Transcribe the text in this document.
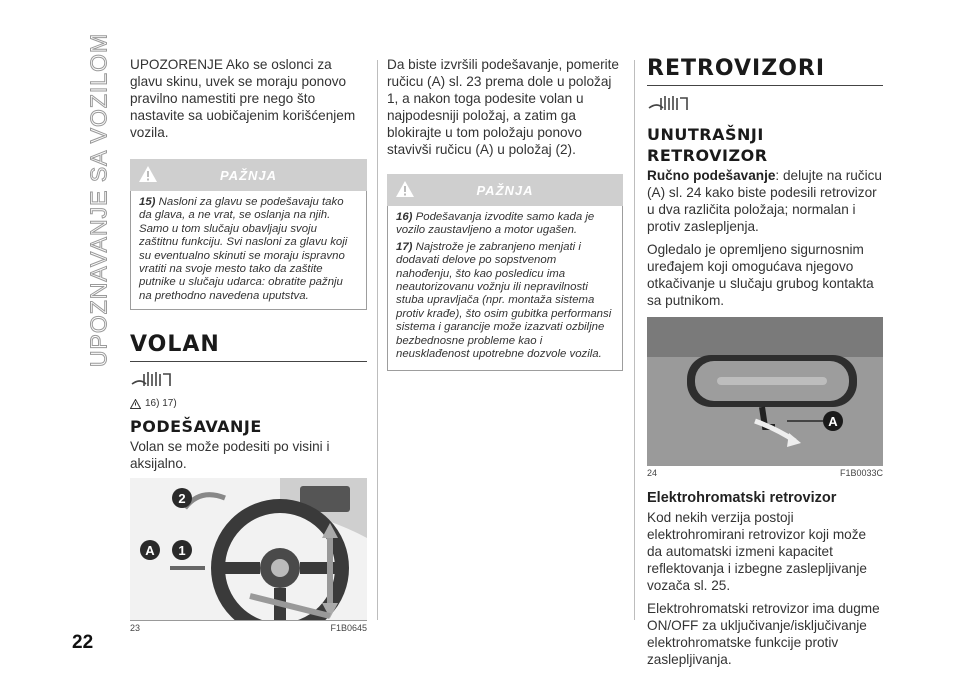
UPOZNAVANJE SA VOZILOM
22

UPOZORENJE Ako se oslonci za glavu skinu, uvek se moraju ponovo pravilno namestiti pre nego što nastavite sa uobičajenim korišćenjem vozila.

PAŽNJA
15) Nasloni za glavu se podešavaju tako da glava, a ne vrat, se oslanja na njih. Samo u tom slučaju obavljaju svoju zaštitnu funkciju. Svi nasloni za glavu koji su eventualno skinuti se moraju ispravno vratiti na svoje mesto tako da zaštite putnike u slučaju udarca: obratite pažnju na prethodno navedena uputstva.
VOLAN
16) 17)
PODEŠAVANJE

Volan se može podesiti po visini i aksijalno.

2
A 1
23	F1B0645

Da biste izvršili podešavanje, pomerite ručicu (A) sl. 23 prema dole u položaj 1, a nakon toga podesite volan u najpodesniji položaj, a zatim ga blokirajte u tom položaju ponovo stavivši ručicu (A) u položaj (2).

PAŽNJA
16) Podešavanja izvodite samo kada je vozilo zaustavljeno a motor ugašen.
17) Najstrože je zabranjeno menjati i dodavati delove po sopstvenom nahođenju, što kao posledicu ima neautorizovanu vožnju ili nepravilnosti stuba upravljača (npr. montaža sistema protiv krađe), što osim gubitka performansi sistema i garancije može izazvati ozbiljne bezbednosne probleme kao i neusklađenost upotrebne dozvole vozila.
RETROVIZORI
UNUTRAŠNJI
RETROVIZOR

Ručno podešavanje: delujte na ručicu (A) sl. 24 kako biste podesili retrovizor u dva različita položaja; normalan i protiv zaslepljenja.

Ogledalo je opremljeno sigurnosnim uređajem koji omogućava njegovo otkačivanje u slučaju grubog kontakta sa putnikom.

A
24	F1B0033C
Elektrohromatski retrovizor

Kod nekih verzija postoji elektrohromirani retrovizor koji može da automatski izmeni kapacitet reflektovanja i izbegne zaslepljivanje vozača sl. 25.

Elektrohromatski retrovizor ima dugme ON/OFF za uključivanje/isključivanje elektrohromatske funkcije protiv zaslepljivanja.
